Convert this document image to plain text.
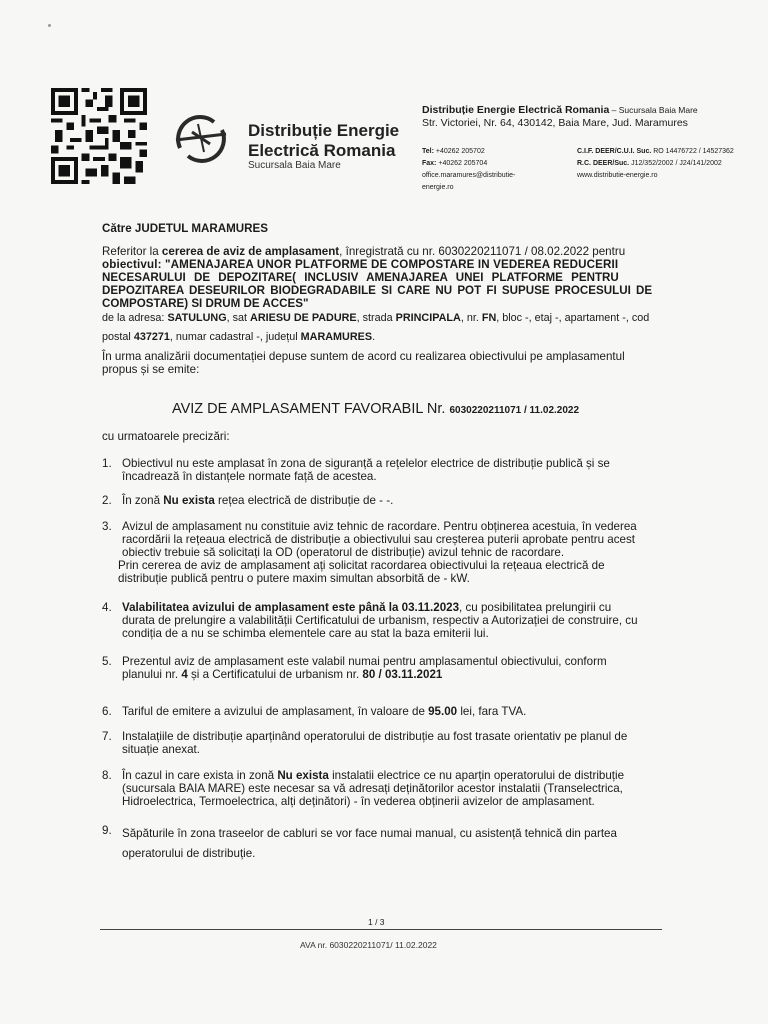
Distribuție Energie
Electrică Romania
Sucursala Baia Mare
Distribuție Energie Electrică Romania – Sucursala Baia Mare
Str. Victoriei, Nr. 64, 430142, Baia Mare, Jud. Maramures
Tel: +40262 205702
Fax: +40262 205704
office.maramures@distributie-energie.ro
C.I.F. DEER/C.U.I. Suc. RO 14476722 / 14527362
R.C. DEER/Suc. J12/352/2002 / J24/141/2002
www.distributie-energie.ro
Către JUDETUL MARAMURES
Referitor la cererea de aviz de amplasament, înregistrată cu nr. 6030220211071 / 08.02.2022 pentru
obiectivul: "AMENAJAREA UNOR PLATFORME DE COMPOSTARE IN VEDEREA REDUCERII
NECESARULUI DE DEPOZITARE( INCLUSIV AMENAJAREA UNEI PLATFORME PENTRU
DEPOZITAREA DESEURILOR BIODEGRADABILE SI CARE NU POT FI SUPUSE PROCESULUI DE
COMPOSTARE) SI DRUM DE ACCES"
de la adresa: SATULUNG, sat ARIESU DE PADURE, strada PRINCIPALA, nr. FN, bloc -, etaj -, apartament -, cod
postal 437271, numar cadastral -, județul MARAMURES.
În urma analizării documentației depuse suntem de acord cu realizarea obiectivului pe amplasamentul
propus și se emite:
AVIZ DE AMPLASAMENT FAVORABIL Nr. 6030220211071 / 11.02.2022
cu urmatoarele precizări:
1. Obiectivul nu este amplasat în zona de siguranță a rețelelor electrice de distribuție publică și se
încadrează în distanțele normate față de acestea.
2. În zonă Nu exista rețea electrică de distribuție de - -.
3. Avizul de amplasament nu constituie aviz tehnic de racordare. Pentru obținerea acestuia, în vederea
racordării la rețeaua electrică de distribuție a obiectivului sau creșterea puterii aprobate pentru acest
obiectiv trebuie să solicitați la OD (operatorul de distribuție) avizul tehnic de racordare.
Prin cererea de aviz de amplasament ați solicitat racordarea obiectivului la rețeaua electrică de
distribuție publică pentru o putere maxim simultan absorbită de - kW.
4. Valabilitatea avizului de amplasament este până la 03.11.2023, cu posibilitatea prelungirii cu
durata de prelungire a valabilității Certificatului de urbanism, respectiv a Autorizației de construire, cu
condiția de a nu se schimba elementele care au stat la baza emiterii lui.
5. Prezentul aviz de amplasament este valabil numai pentru amplasamentul obiectivului, conform
planului nr. 4 și a Certificatului de urbanism nr. 80 / 03.11.2021
6. Tariful de emitere a avizului de amplasament, în valoare de 95.00 lei, fara TVA.
7. Instalațiile de distribuție aparținând operatorului de distribuție au fost trasate orientativ pe planul de
situație anexat.
8. În cazul in care exista in zonă Nu exista instalatii electrice ce nu aparțin operatorului de distribuție
(sucursala BAIA MARE) este necesar sa vă adresați deținătorilor acestor instalatii (Transelectrica,
Hidroelectrica, Termoelectrica, alți deținători) - în vederea obținerii avizelor de amplasament.
9. Săpăturile în zona traseelor de cabluri se vor face numai manual, cu asistență tehnică din partea
operatorului de distribuție.
1 / 3
AVA nr. 6030220211071/ 11.02.2022
